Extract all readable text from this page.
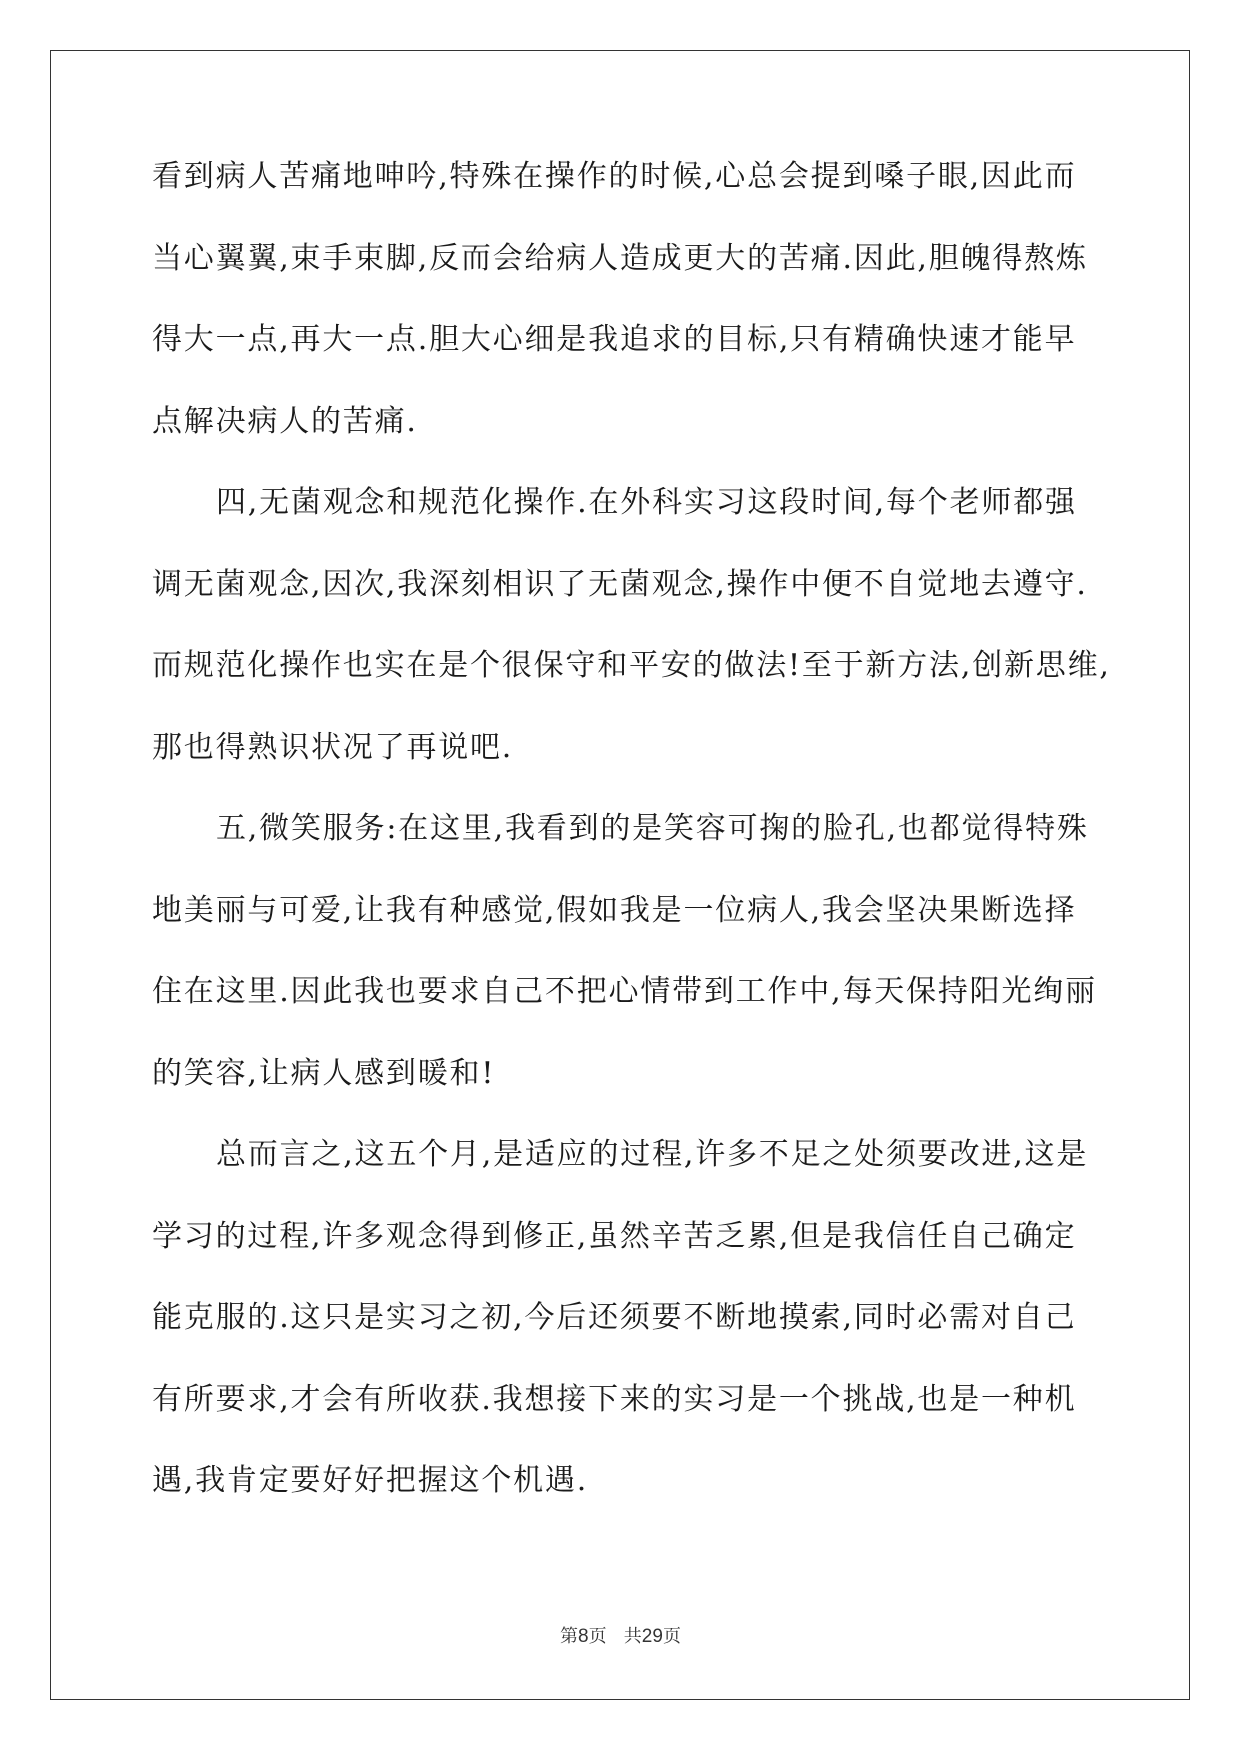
看到病人苦痛地呻吟,特殊在操作的时候,心总会提到嗓子眼,因此而
当心翼翼,束手束脚,反而会给病人造成更大的苦痛.因此,胆魄得熬炼
得大一点,再大一点.胆大心细是我追求的目标,只有精确快速才能早
点解决病人的苦痛.
四,无菌观念和规范化操作.在外科实习这段时间,每个老师都强
调无菌观念,因次,我深刻相识了无菌观念,操作中便不自觉地去遵守.
而规范化操作也实在是个很保守和平安的做法!至于新方法,创新思维,
那也得熟识状况了再说吧.
五,微笑服务:在这里,我看到的是笑容可掬的脸孔,也都觉得特殊
地美丽与可爱,让我有种感觉,假如我是一位病人,我会坚决果断选择
住在这里.因此我也要求自己不把心情带到工作中,每天保持阳光绚丽
的笑容,让病人感到暖和!
总而言之,这五个月,是适应的过程,许多不足之处须要改进,这是
学习的过程,许多观念得到修正,虽然辛苦乏累,但是我信任自己确定
能克服的.这只是实习之初,今后还须要不断地摸索,同时必需对自己
有所要求,才会有所收获.我想接下来的实习是一个挑战,也是一种机
遇,我肯定要好好把握这个机遇.
第8页 共29页
